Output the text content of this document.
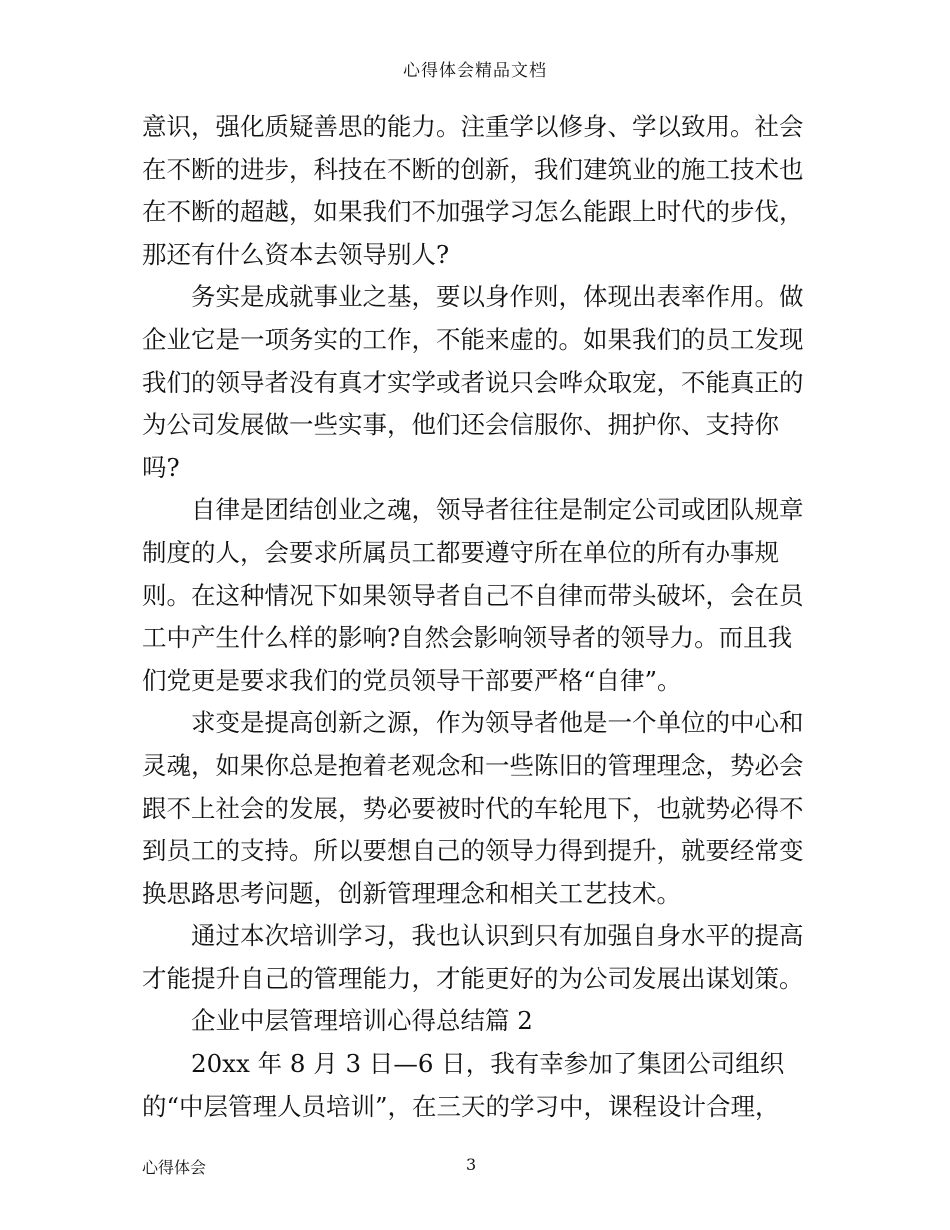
心得体会精品文档
意识，强化质疑善思的能力。注重学以修身、学以致用。社会
在不断的进步，科技在不断的创新，我们建筑业的施工技术也
在不断的超越，如果我们不加强学习怎么能跟上时代的步伐，
那还有什么资本去领导别人?
　　务实是成就事业之基，要以身作则，体现出表率作用。做
企业它是一项务实的工作，不能来虚的。如果我们的员工发现
我们的领导者没有真才实学或者说只会哗众取宠，不能真正的
为公司发展做一些实事，他们还会信服你、拥护你、支持你
吗?
　　自律是团结创业之魂，领导者往往是制定公司或团队规章
制度的人，会要求所属员工都要遵守所在单位的所有办事规
则。在这种情况下如果领导者自己不自律而带头破坏，会在员
工中产生什么样的影响?自然会影响领导者的领导力。而且我
们党更是要求我们的党员领导干部要严格“自律”。
　　求变是提高创新之源，作为领导者他是一个单位的中心和
灵魂，如果你总是抱着老观念和一些陈旧的管理理念，势必会
跟不上社会的发展，势必要被时代的车轮甩下，也就势必得不
到员工的支持。所以要想自己的领导力得到提升，就要经常变
换思路思考问题，创新管理理念和相关工艺技术。
　　通过本次培训学习，我也认识到只有加强自身水平的提高
才能提升自己的管理能力，才能更好的为公司发展出谋划策。
　　企业中层管理培训心得总结篇 2
　　20xx 年 8 月 3 日—6 日，我有幸参加了集团公司组织
的“中层管理人员培训”，在三天的学习中，课程设计合理，
心得体会	3
